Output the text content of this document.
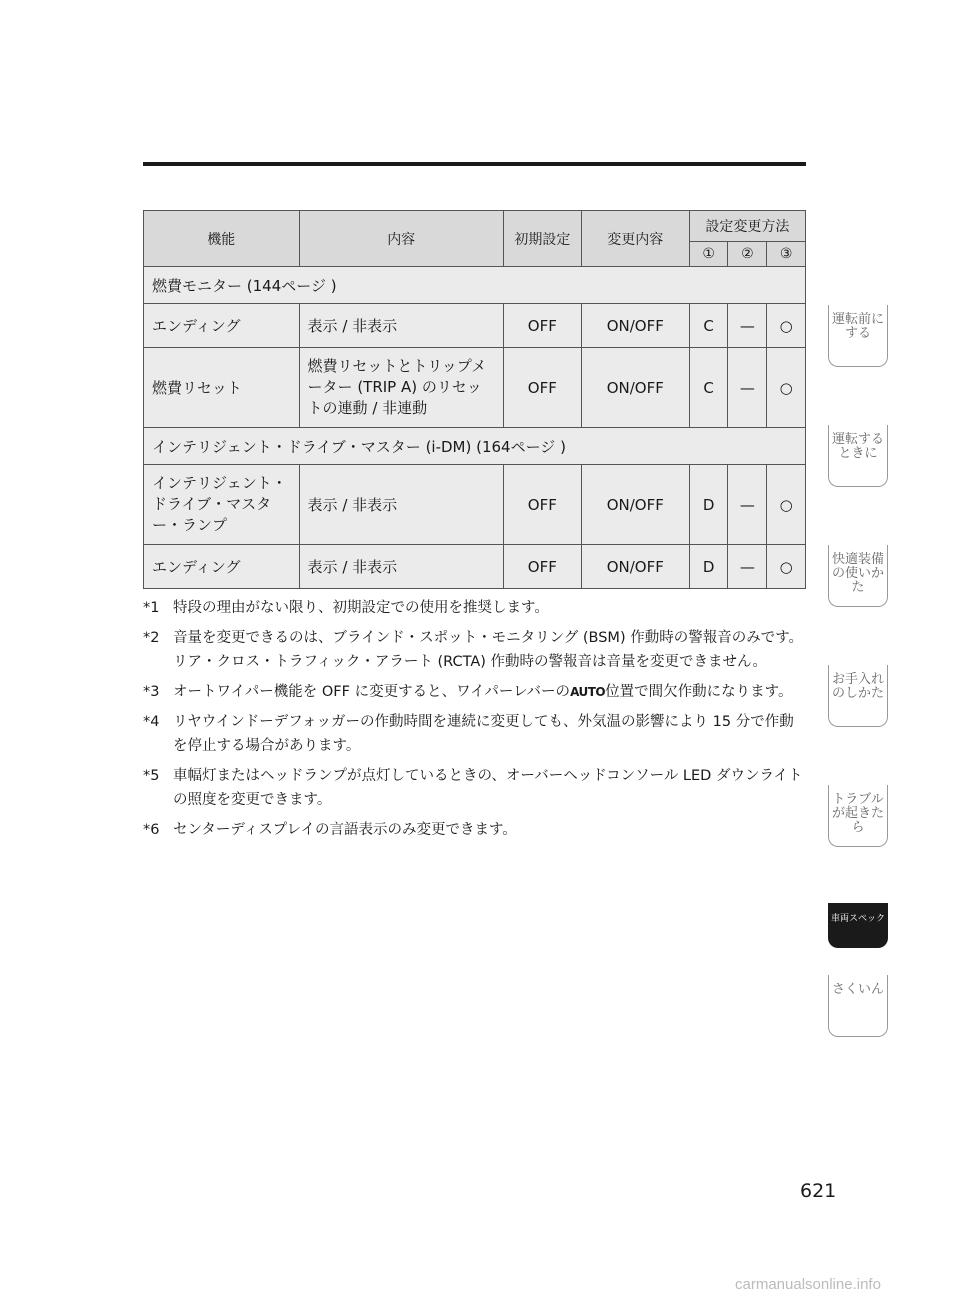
機能	内容	初期設定	変更内容	設定変更方法		
				①	②	③
燃費モニター (144ページ )						
エンディング	表示 / 非表示	OFF	ON/OFF	C	—	○
燃費リセット	燃費リセットとトリップメーター (TRIP A) のリセットの連動 / 非連動	OFF	ON/OFF	C	—	○
インテリジェント・ドライブ・マスター (i-DM) (164ページ )						
インテリジェント・ドライブ・マスター・ランプ	表示 / 非表示	OFF	ON/OFF	D	—	○
エンディング	表示 / 非表示	OFF	ON/OFF	D	—	○
*1 特段の理由がない限り、初期設定での使用を推奨します。
*2 音量を変更できるのは、ブラインド・スポット・モニタリング (BSM) 作動時の警報音のみです。リア・クロス・トラフィック・アラート (RCTA) 作動時の警報音は音量を変更できません。
*3 オートワイパー機能を OFF に変更すると、ワイパーレバーのAUTO位置で間欠作動になります。
*4 リヤウインドーデフォッガーの作動時間を連続に変更しても、外気温の影響により 15 分で作動を停止する場合があります。
*5 車幅灯またはヘッドランプが点灯しているときの、オーバーヘッドコンソール LED ダウンライトの照度を変更できます。
*6 センターディスプレイの言語表示のみ変更できます。
運転前にする
運転するときに
快適装備の使いかた
お手入れのしかた
トラブルが起きたら
車両スペック
さくいん
621
carmanualsonline.info
